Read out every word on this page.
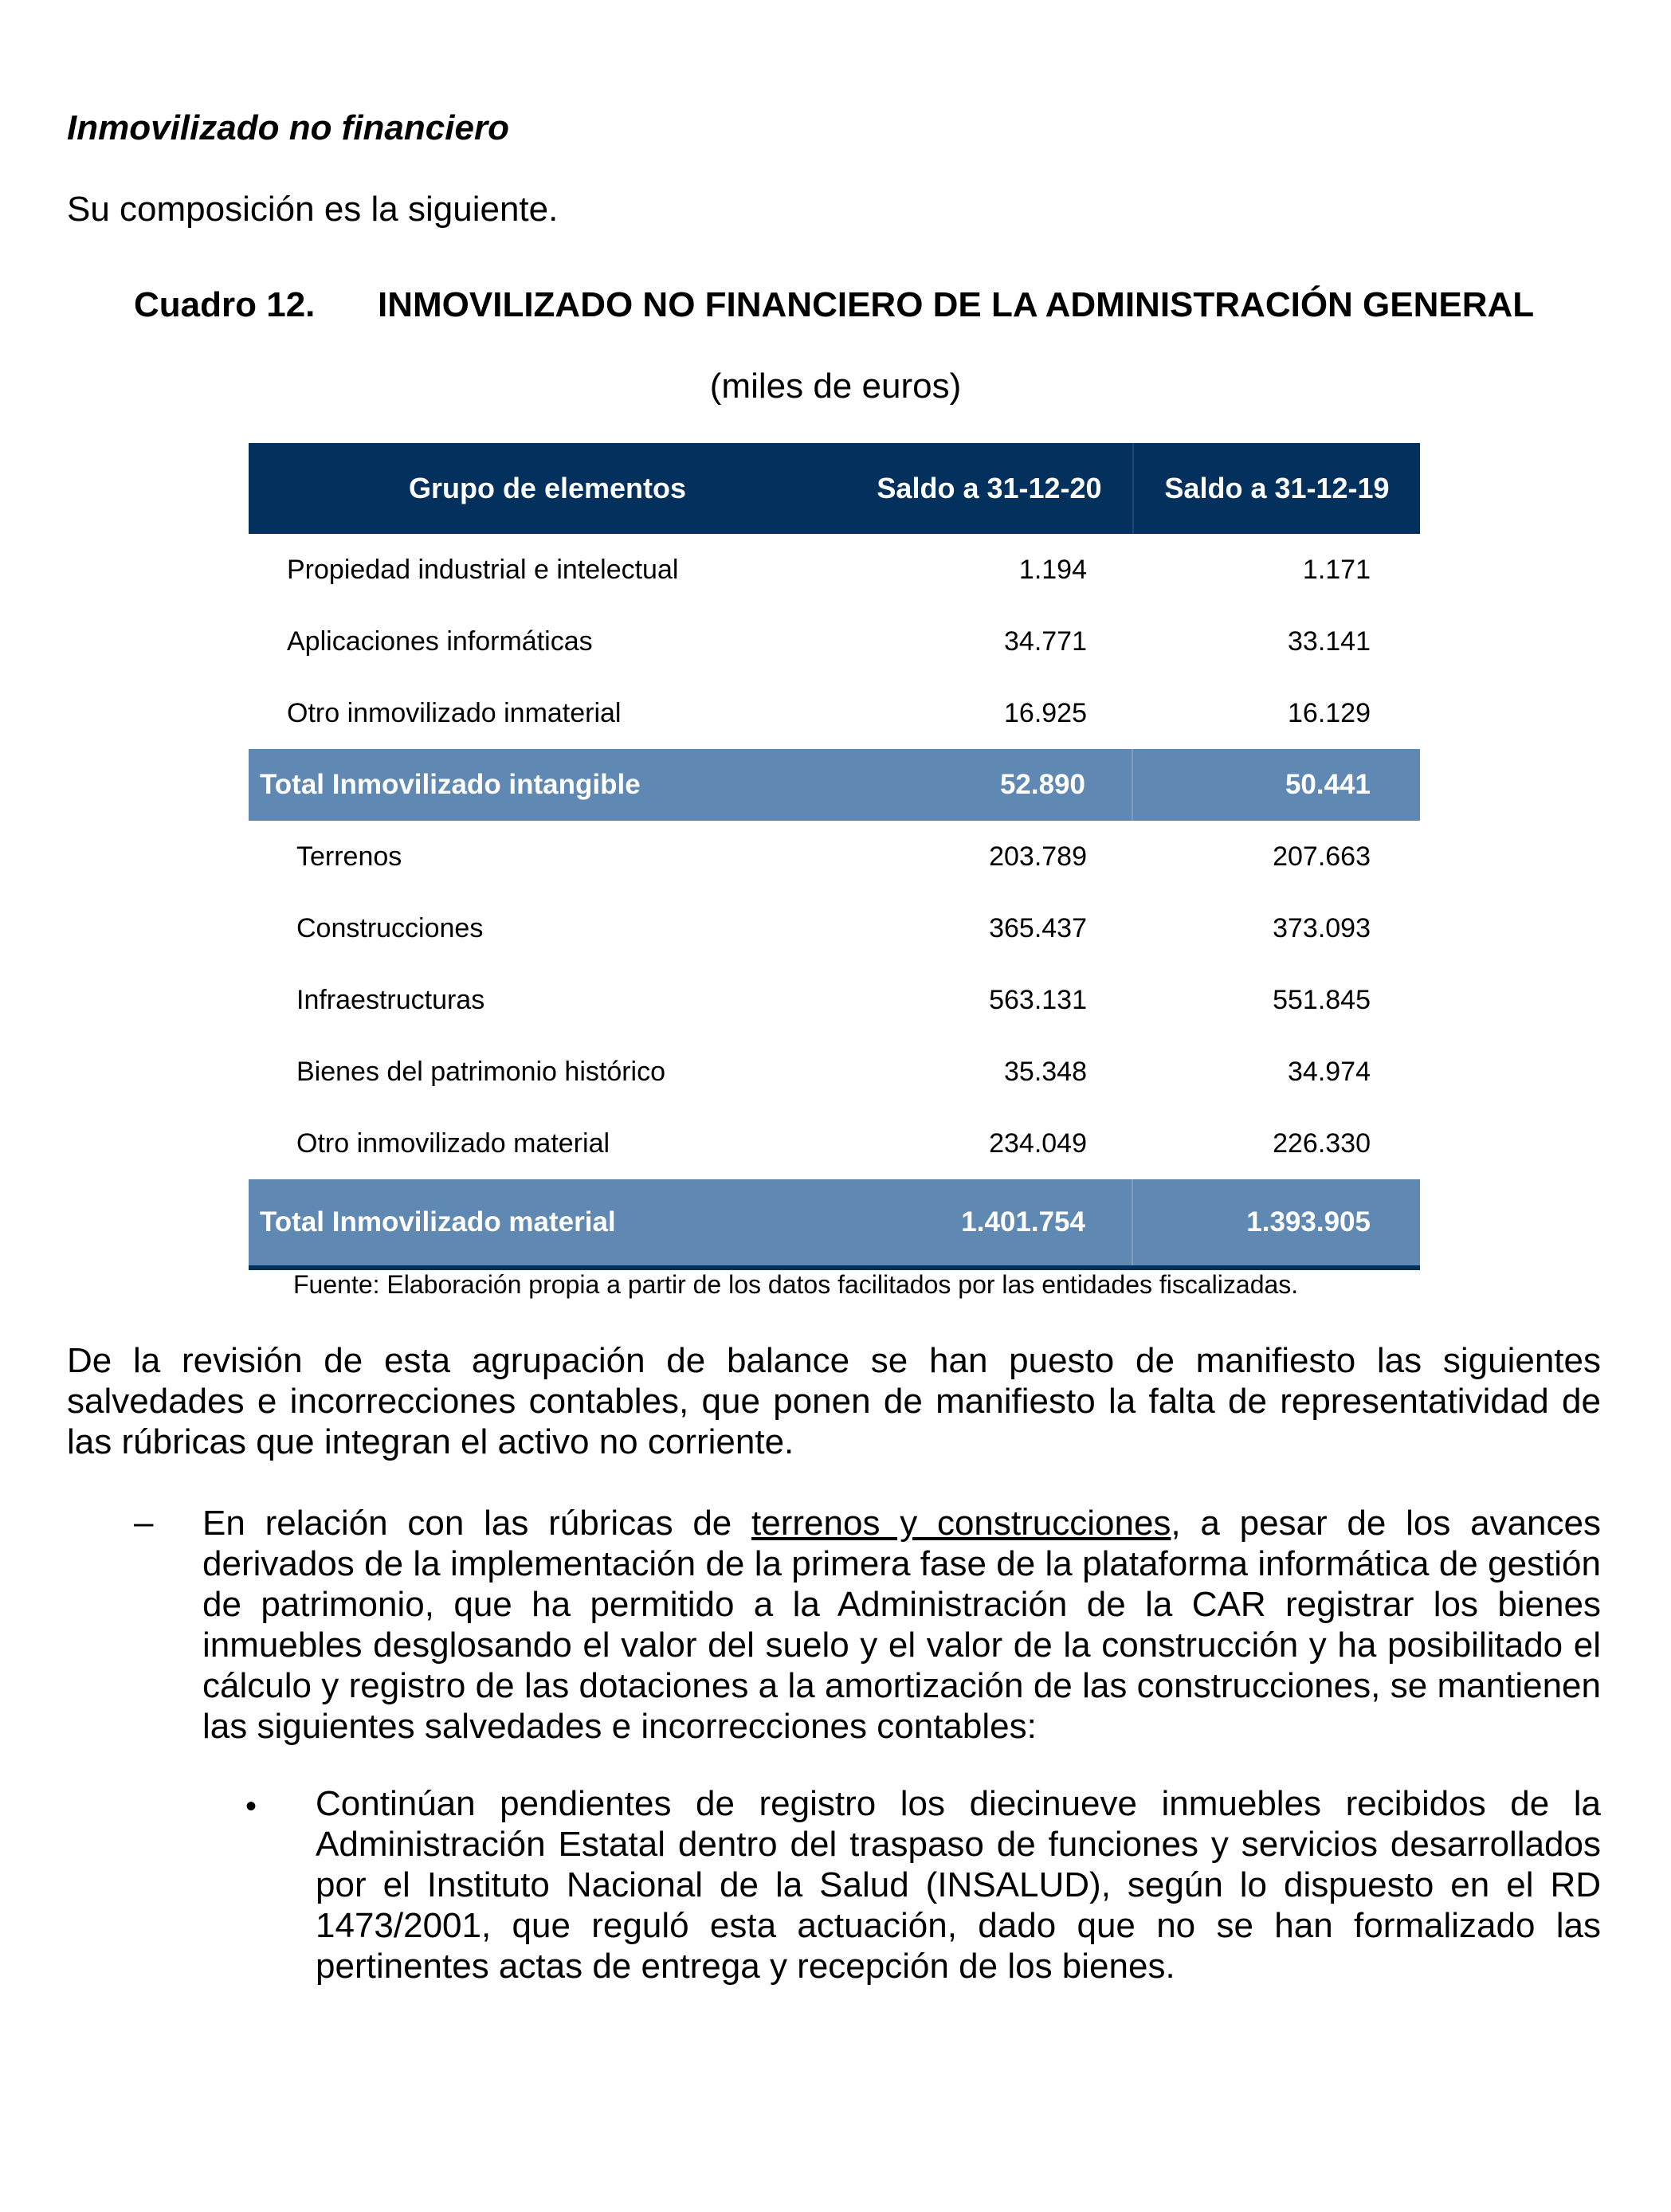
Inmovilizado no financiero

Su composición es la siguiente.

Cuadro 12. INMOVILIZADO NO FINANCIERO DE LA ADMINISTRACIÓN GENERAL

(miles de euros)

Grupo de elementos	Saldo a 31-12-20	Saldo a 31-12-19
Propiedad industrial e intelectual	1.194	1.171
Aplicaciones informáticas	34.771	33.141
Otro inmovilizado inmaterial	16.925	16.129
Total Inmovilizado intangible	52.890	50.441
Terrenos	203.789	207.663
Construcciones	365.437	373.093
Infraestructuras	563.131	551.845
Bienes del patrimonio histórico	35.348	34.974
Otro inmovilizado material	234.049	226.330
Total Inmovilizado material	1.401.754	1.393.905

Fuente: Elaboración propia a partir de los datos facilitados por las entidades fiscalizadas.

De la revisión de esta agrupación de balance se han puesto de manifiesto las siguientes salvedades e incorrecciones contables, que ponen de manifiesto la falta de representatividad de las rúbricas que integran el activo no corriente.

– En relación con las rúbricas de terrenos y construcciones, a pesar de los avances derivados de la implementación de la primera fase de la plataforma informática de gestión de patrimonio, que ha permitido a la Administración de la CAR registrar los bienes inmuebles desglosando el valor del suelo y el valor de la construcción y ha posibilitado el cálculo y registro de las dotaciones a la amortización de las construcciones, se mantienen las siguientes salvedades e incorrecciones contables:

• Continúan pendientes de registro los diecinueve inmuebles recibidos de la Administración Estatal dentro del traspaso de funciones y servicios desarrollados por el Instituto Nacional de la Salud (INSALUD), según lo dispuesto en el RD 1473/2001, que reguló esta actuación, dado que no se han formalizado las pertinentes actas de entrega y recepción de los bienes.
